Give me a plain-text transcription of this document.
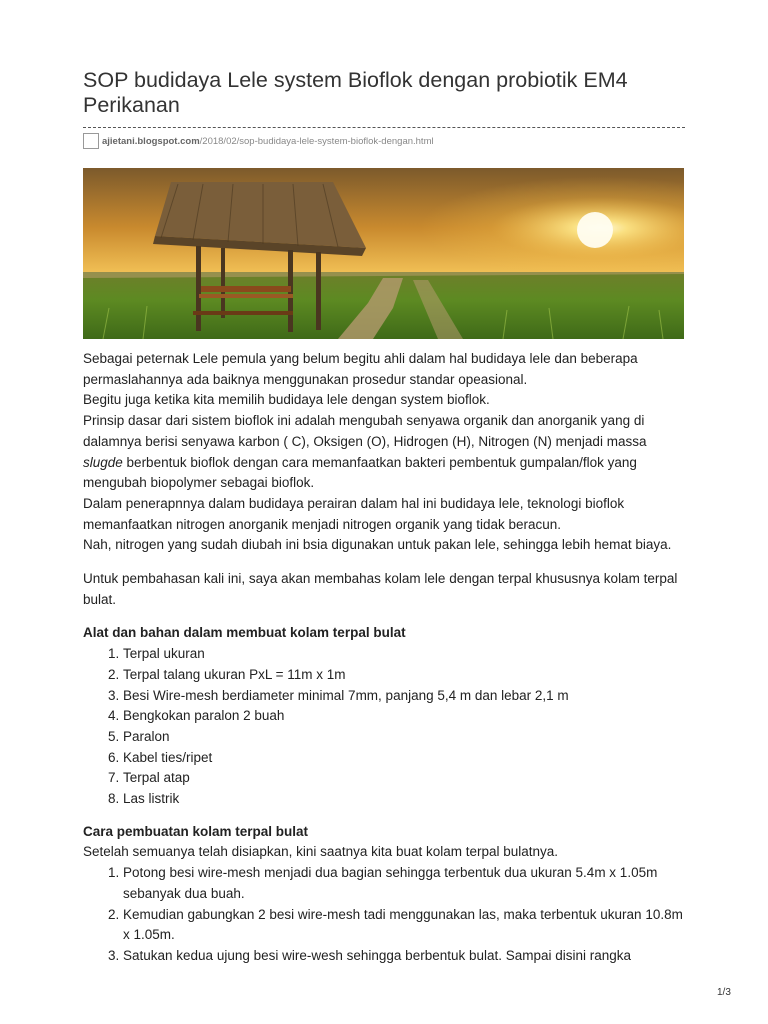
SOP budidaya Lele system Bioflok dengan probiotik EM4 Perikanan
ajietani.blogspot.com/2018/02/sop-budidaya-lele-system-bioflok-dengan.html

Sebagai peternak Lele pemula yang belum begitu ahli dalam hal budidaya lele dan beberapa permaslahannya ada baiknya menggunakan prosedur standar opeasional.

Begitu juga ketika kita memilih budidaya lele dengan system bioflok.

Prinsip dasar dari sistem bioflok ini adalah mengubah senyawa organik dan anorganik yang di dalamnya berisi senyawa karbon ( C), Oksigen (O), Hidrogen (H), Nitrogen (N) menjadi massa slugde berbentuk bioflok dengan cara memanfaatkan bakteri pembentuk gumpalan/flok yang mengubah biopolymer sebagai bioflok.

Dalam penerapnnya dalam budidaya perairan dalam hal ini budidaya lele, teknologi bioflok memanfaatkan nitrogen anorganik menjadi nitrogen organik yang tidak beracun.

Nah, nitrogen yang sudah diubah ini bsia digunakan untuk pakan lele, sehingga lebih hemat biaya.

Untuk pembahasan kali ini, saya akan membahas kolam lele dengan terpal khususnya kolam terpal bulat.

Alat dan bahan dalam membuat kolam terpal bulat

1. Terpal ukuran
2. Terpal talang ukuran PxL = 11m x 1m
3. Besi Wire-mesh berdiameter minimal 7mm, panjang 5,4 m dan lebar 2,1 m
4. Bengkokan paralon 2 buah
5. Paralon
6. Kabel ties/ripet
7. Terpal atap
8. Las listrik

Cara pembuatan kolam terpal bulat

Setelah semuanya telah disiapkan, kini saatnya kita buat kolam terpal bulatnya.

1. Potong besi wire-mesh menjadi dua bagian sehingga terbentuk dua ukuran 5.4m x 1.05m sebanyak dua buah.
2. Kemudian gabungkan 2 besi wire-mesh tadi menggunakan las, maka terbentuk ukuran 10.8m x 1.05m.
3. Satukan kedua ujung besi wire-wesh sehingga berbentuk bulat. Sampai disini rangka
1/3
